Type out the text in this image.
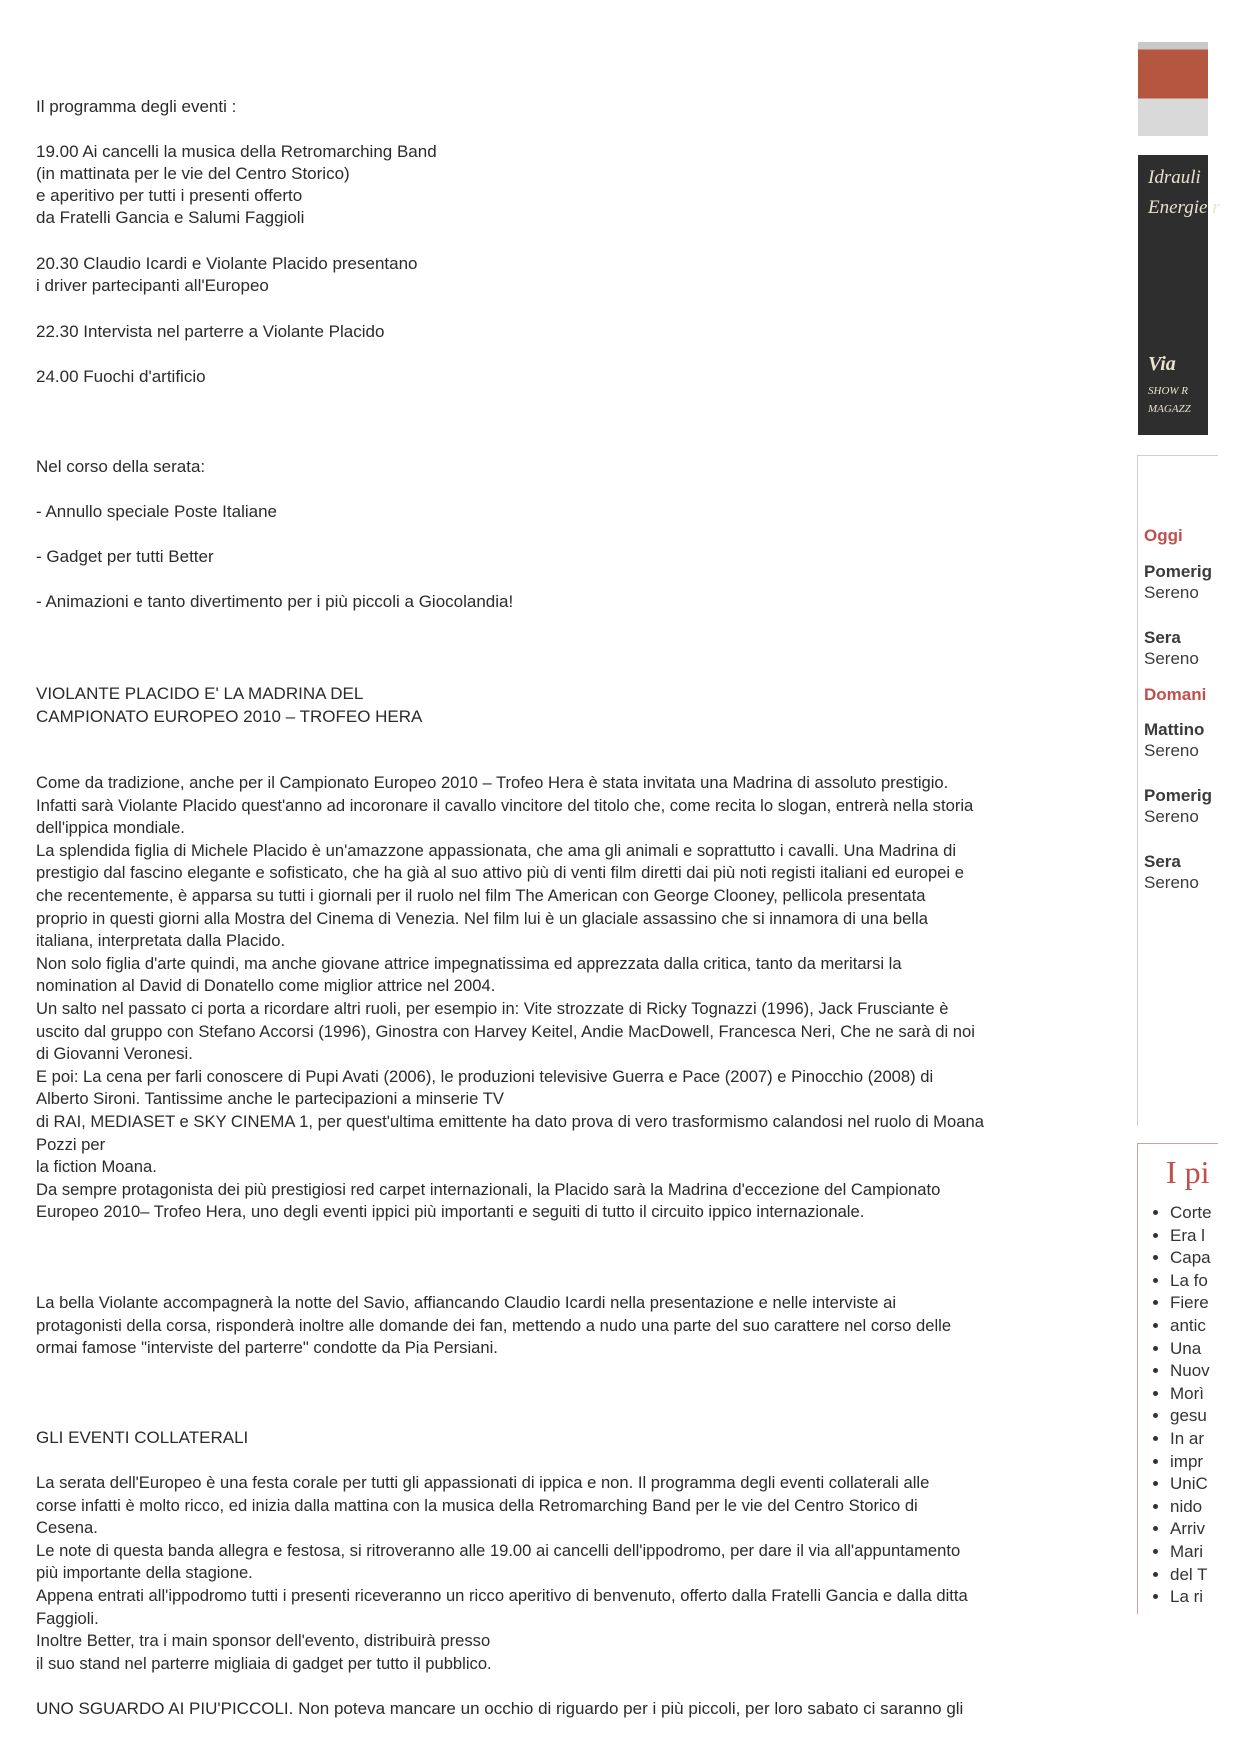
Il programma degli eventi :
19.00 Ai cancelli la musica della Retromarching Band
(in mattinata per le vie del Centro Storico)
e aperitivo per tutti i presenti offerto
da Fratelli Gancia e Salumi Faggioli
20.30 Claudio Icardi e Violante Placido presentano
i driver partecipanti all'Europeo
22.30 Intervista nel parterre a Violante Placido
24.00 Fuochi d'artificio
Nel corso della serata:
- Annullo speciale Poste Italiane
- Gadget per tutti Better
- Animazioni e tanto divertimento per i più piccoli a Giocolandia!
VIOLANTE PLACIDO E' LA MADRINA DEL
CAMPIONATO EUROPEO 2010 – TROFEO HERA
Come da tradizione, anche per il Campionato Europeo 2010 – Trofeo Hera è stata invitata una Madrina di assoluto prestigio.
Infatti sarà Violante Placido quest'anno ad incoronare il cavallo vincitore del titolo che, come recita lo slogan, entrerà nella storia
dell'ippica mondiale.
La splendida figlia di Michele Placido è un'amazzone appassionata, che ama gli animali e soprattutto i cavalli. Una Madrina di
prestigio dal fascino elegante e sofisticato, che ha già al suo attivo più di venti film diretti dai più noti registi italiani ed europei e
che recentemente, è apparsa su tutti i giornali per il ruolo nel film The American con George Clooney, pellicola presentata
proprio in questi giorni alla Mostra del Cinema di Venezia. Nel film lui è un glaciale assassino che si innamora di una bella
italiana, interpretata dalla Placido.
Non solo figlia d'arte quindi, ma anche giovane attrice impegnatissima ed apprezzata dalla critica, tanto da meritarsi la
nomination al David di Donatello come miglior attrice nel 2004.
Un salto nel passato ci porta a ricordare altri ruoli, per esempio in: Vite strozzate di Ricky Tognazzi (1996), Jack Frusciante è
uscito dal gruppo con Stefano Accorsi (1996), Ginostra con Harvey Keitel, Andie MacDowell, Francesca Neri, Che ne sarà di noi
di Giovanni Veronesi.
E poi: La cena per farli conoscere di Pupi Avati (2006), le produzioni televisive Guerra e Pace (2007) e Pinocchio (2008) di
Alberto Sironi. Tantissime anche le partecipazioni a minserie TV
di RAI, MEDIASET e SKY CINEMA 1, per quest'ultima emittente ha dato prova di vero trasformismo calandosi nel ruolo di Moana
Pozzi per
la fiction Moana.
Da sempre protagonista dei più prestigiosi red carpet internazionali, la Placido sarà la Madrina d'eccezione del Campionato
Europeo 2010– Trofeo Hera, uno degli eventi ippici più importanti e seguiti di tutto il circuito ippico internazionale.
La bella Violante accompagnerà la notte del Savio, affiancando Claudio Icardi nella presentazione e nelle interviste ai
protagonisti della corsa, risponderà inoltre alle domande dei fan, mettendo a nudo una parte del suo carattere nel corso delle
ormai famose "interviste del parterre" condotte da Pia Persiani.
GLI EVENTI COLLATERALI
La serata dell'Europeo è una festa corale per tutti gli appassionati di ippica e non. Il programma degli eventi collaterali alle
corse infatti è molto ricco, ed inizia dalla mattina con la musica della Retromarching Band per le vie del Centro Storico di
Cesena.
Le note di questa banda allegra e festosa, si ritroveranno alle 19.00 ai cancelli dell'ippodromo, per dare il via all'appuntamento
più importante della stagione.
Appena entrati all'ippodromo tutti i presenti riceveranno un ricco aperitivo di benvenuto, offerto dalla Fratelli Gancia e dalla ditta
Faggioli.
Inoltre Better, tra i main sponsor dell'evento, distribuirà presso
il suo stand nel parterre migliaia di gadget per tutto il pubblico.
UNO SGUARDO AI PIU'PICCOLI. Non poteva mancare un occhio di riguardo per i più piccoli, per loro sabato ci saranno gli
Idrauli
Energie r
Via
SHOW R
MAGAZZ
Oggi
Pomerig
Sereno
Sera
Sereno
Domani
Mattino
Sereno
Pomerig
Sereno
Sera
Sereno
I pi
• Corte
• Era l
• Capa
• La fo
• Fiere
• antic
• Una
• Nuov
• Morì
• gesu
• In ar
• impr
• UniC
• nido
• Arriv
• Mari
• del T
• La ri
